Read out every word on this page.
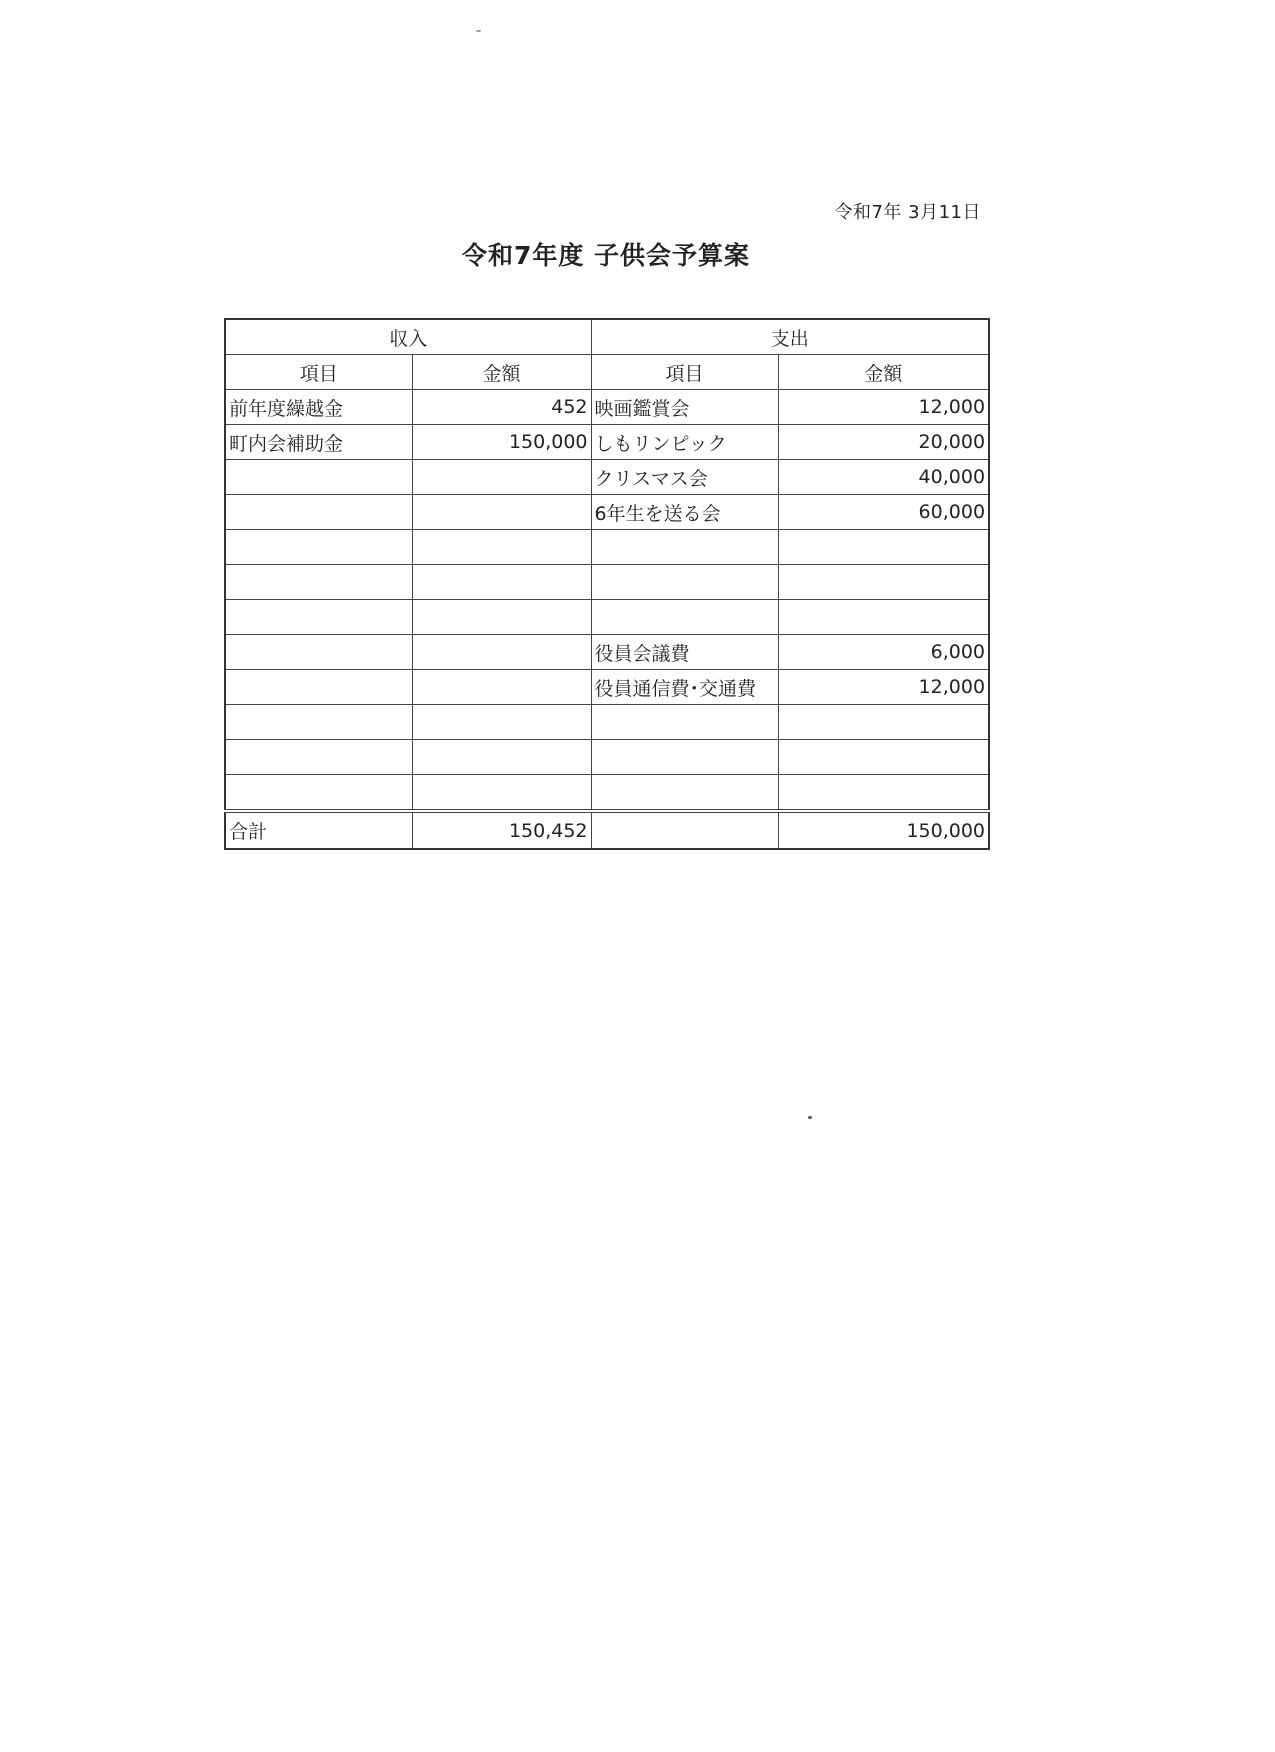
令和7年 3月11日
令和7年度 子供会予算案
収入		支出	
項目	金額	項目	金額
前年度繰越金	452	映画鑑賞会	12,000
町内会補助金	150,000	しもリンピック	20,000
		クリスマス会	40,000
		6年生を送る会	60,000

		役員会議費	6,000
		役員通信費･交通費	12,000

合計	150,452		150,000
